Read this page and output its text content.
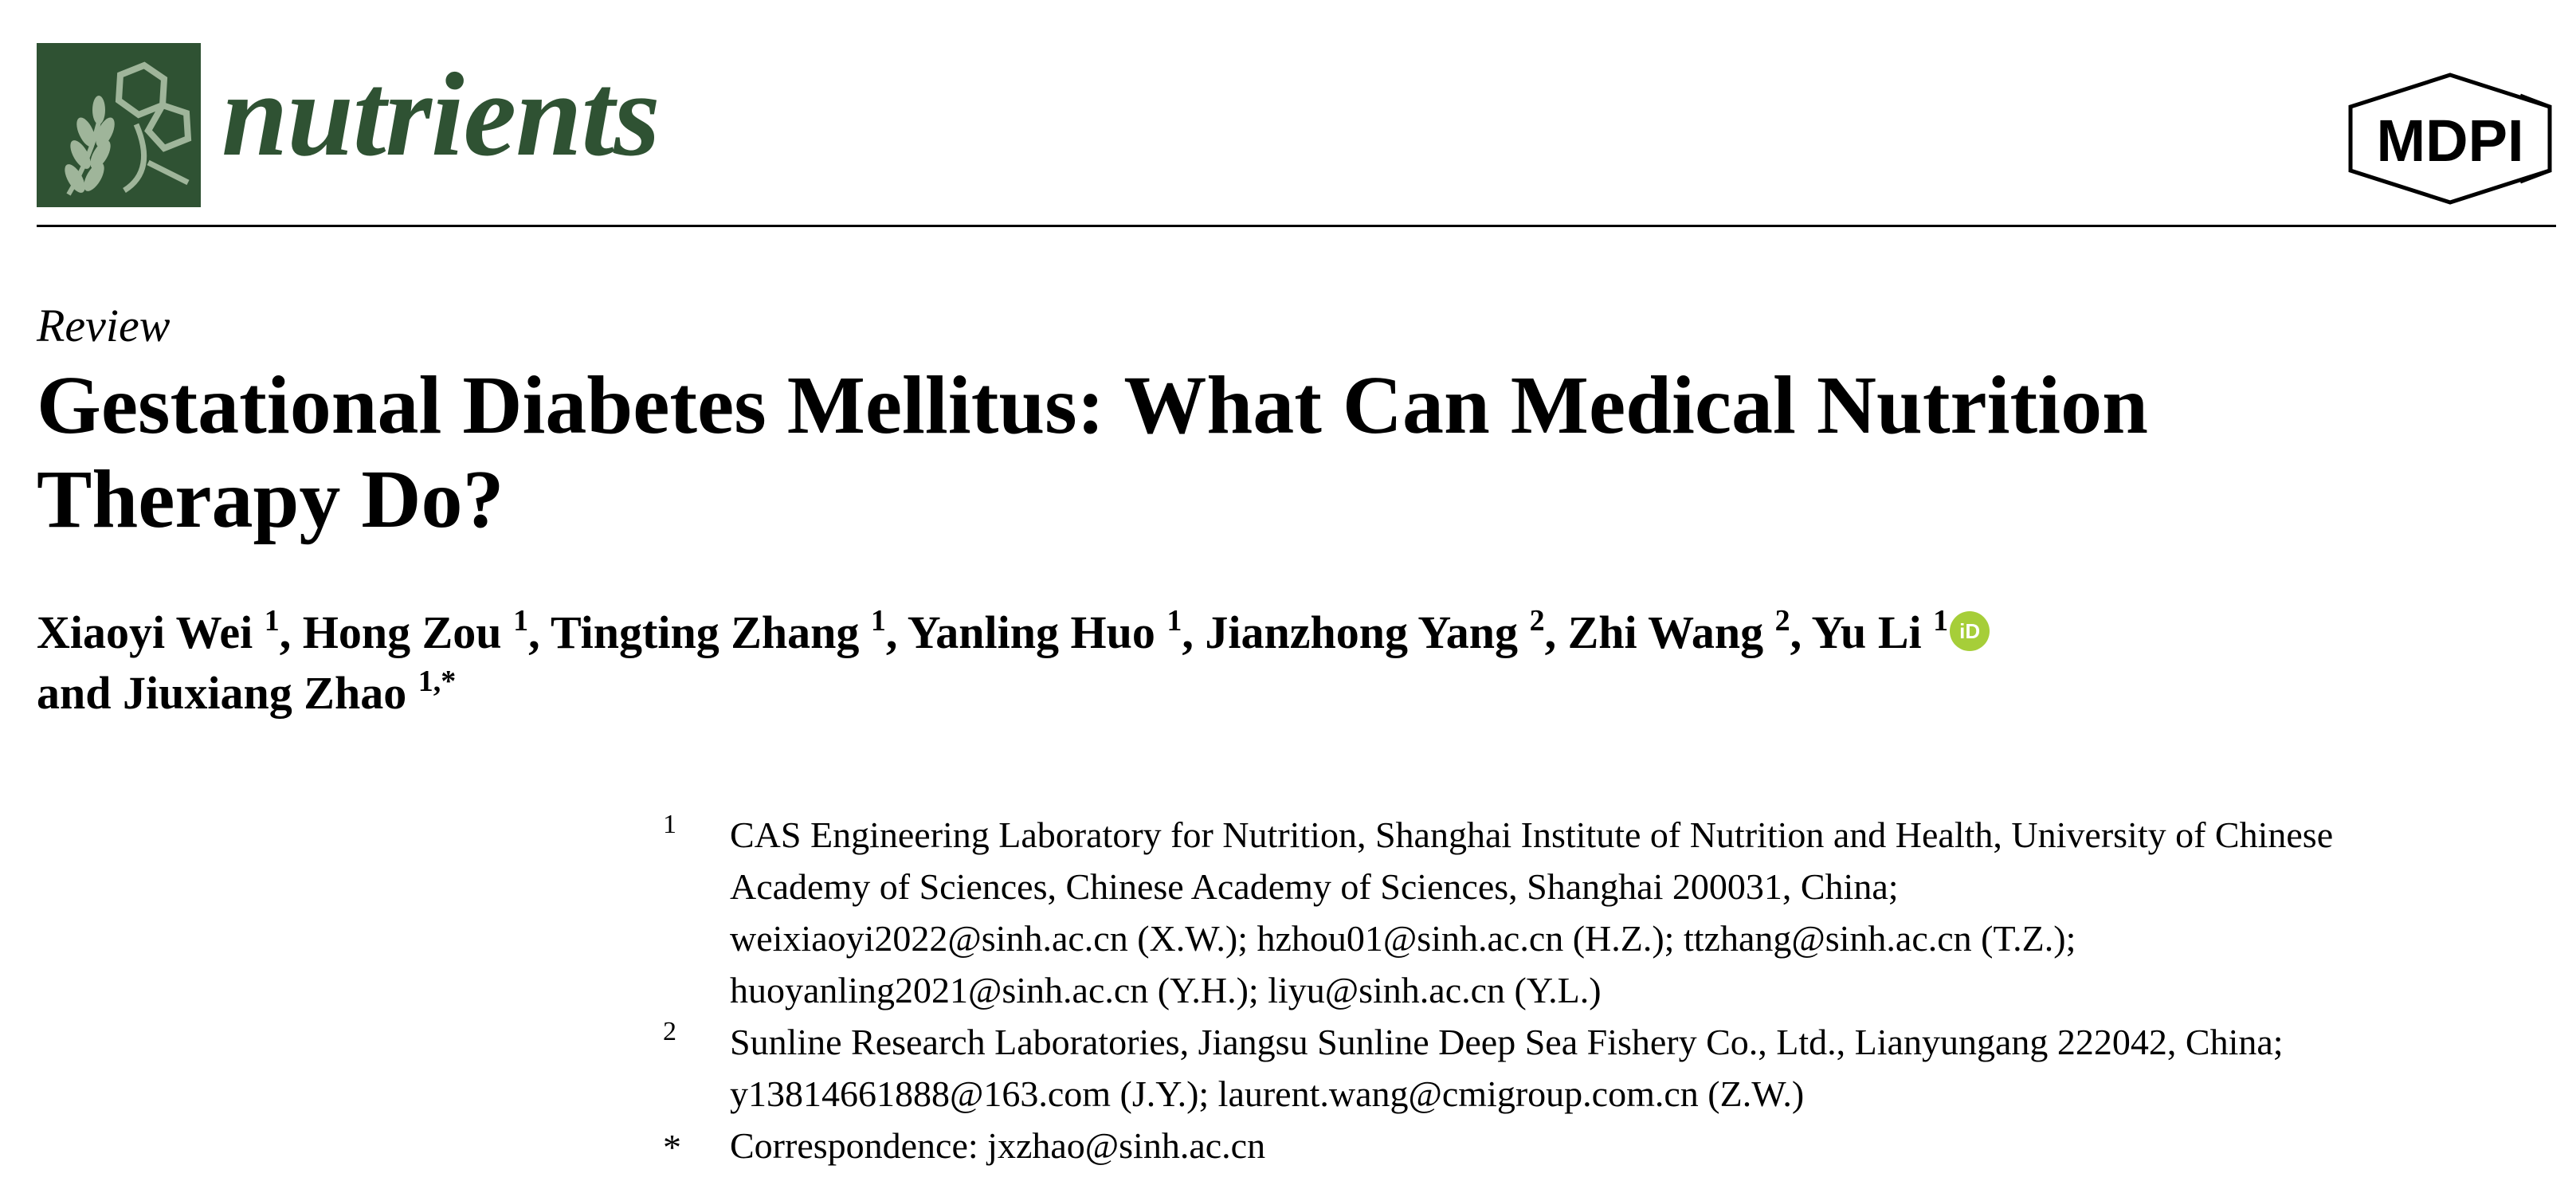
nutrients	MDPI
Review
Gestational Diabetes Mellitus: What Can Medical Nutrition
Therapy Do?
Xiaoyi Wei $^1$, Hong Zou $^1$, Tingting Zhang $^1$, Yanling Huo $^1$, Jianzhong Yang $^2$, Zhi Wang $^2$, Yu Li $^1$ iD
and Jiuxiang Zhao $^{1,*}$
1 CAS Engineering Laboratory for Nutrition, Shanghai Institute of Nutrition and Health, University of Chinese
Academy of Sciences, Chinese Academy of Sciences, Shanghai 200031, China;
weixiaoyi2022@sinh.ac.cn (X.W.); hzhou01@sinh.ac.cn (H.Z.); ttzhang@sinh.ac.cn (T.Z.);
huoyanling2021@sinh.ac.cn (Y.H.); liyu@sinh.ac.cn (Y.L.)
2 Sunline Research Laboratories, Jiangsu Sunline Deep Sea Fishery Co., Ltd., Lianyungang 222042, China;
y13814661888@163.com (J.Y.); laurent.wang@cmigroup.com.cn (Z.W.)
* Correspondence: jxzhao@sinh.ac.cn
